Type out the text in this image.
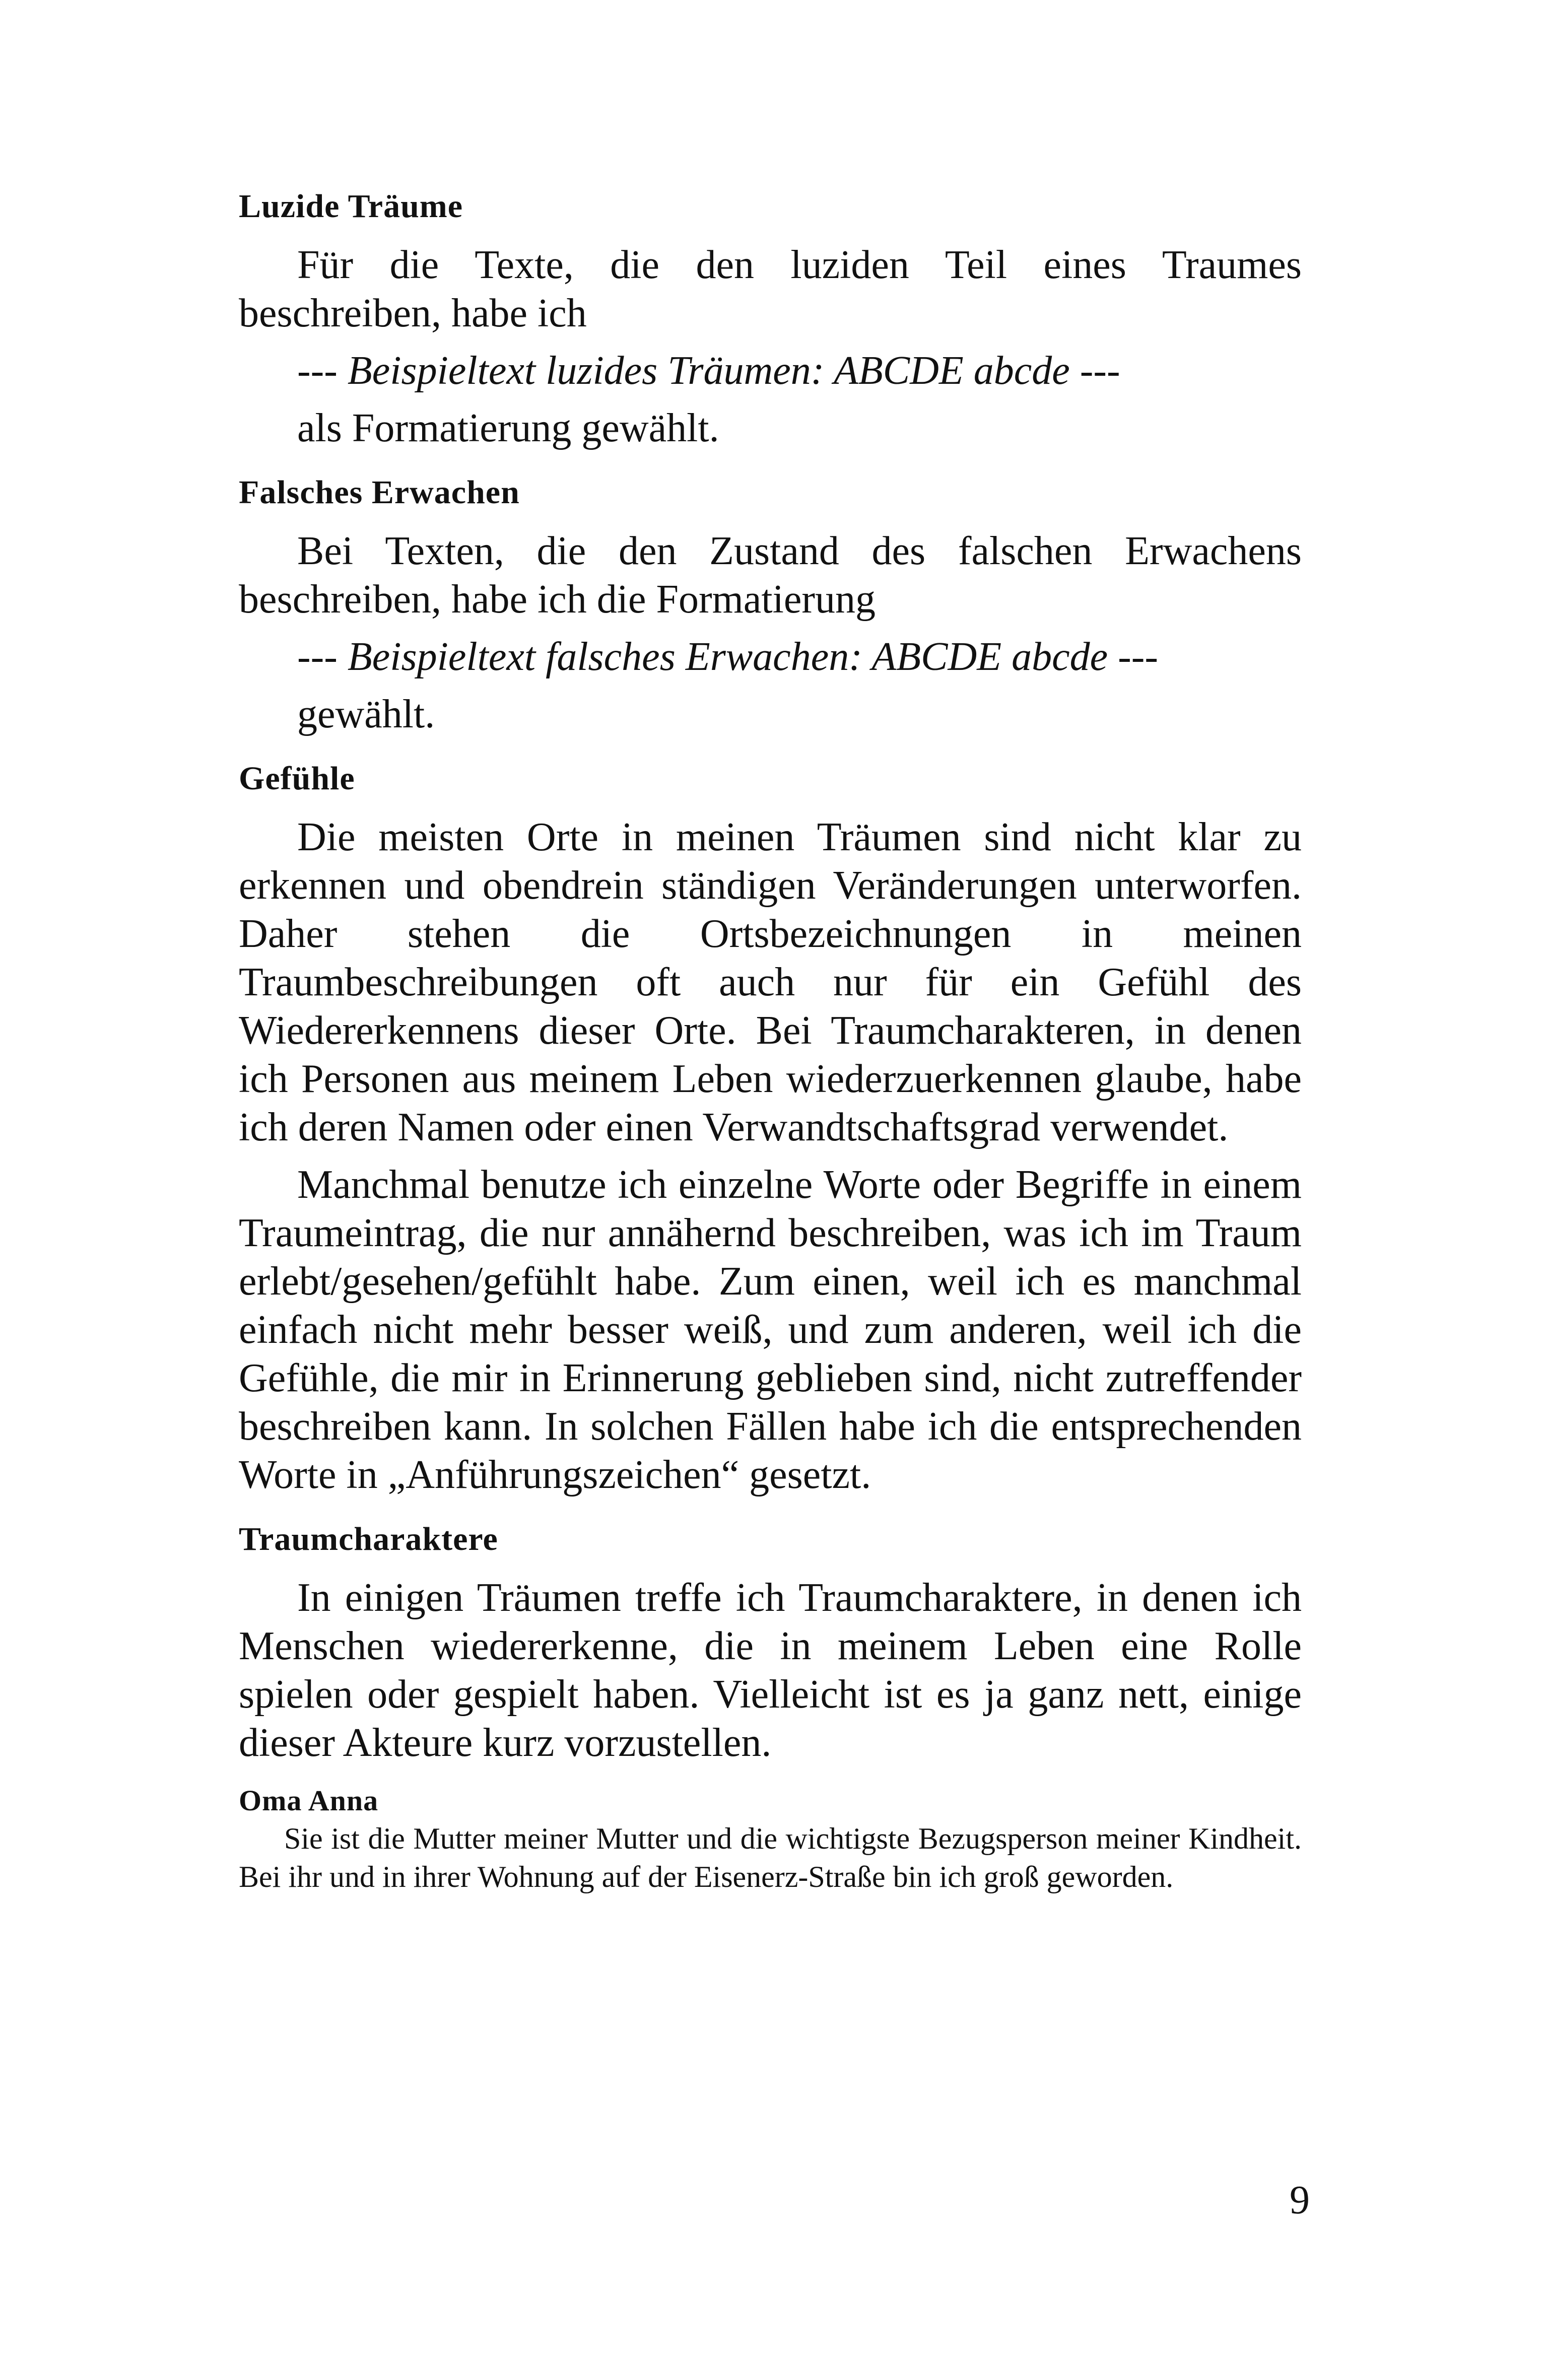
Luzide Träume

Für die Texte, die den luziden Teil eines Traumes beschreiben, habe ich

--- Beispieltext luzides Träumen: ABCDE abcde ---

als Formatierung gewählt.

Falsches Erwachen

Bei Texten, die den Zustand des falschen Erwachens beschreiben, habe ich die Formatierung

--- Beispieltext falsches Erwachen: ABCDE abcde ---

gewählt.

Gefühle

Die meisten Orte in meinen Träumen sind nicht klar zu erkennen und obendrein ständigen Veränderungen unterworfen. Daher stehen die Ortsbezeichnungen in meinen Traumbeschreibungen oft auch nur für ein Gefühl des Wiedererkennens dieser Orte. Bei Traumcharakteren, in denen ich Personen aus meinem Leben wiederzuerkennen glaube, habe ich deren Namen oder einen Verwandtschaftsgrad verwendet.

Manchmal benutze ich einzelne Worte oder Begriffe in einem Traumeintrag, die nur annähernd beschreiben, was ich im Traum erlebt/gesehen/gefühlt habe. Zum einen, weil ich es manchmal einfach nicht mehr besser weiß, und zum anderen, weil ich die Gefühle, die mir in Erinnerung geblieben sind, nicht zutreffender beschreiben kann. In solchen Fällen habe ich die entsprechenden Worte in „Anführungszeichen“ gesetzt.

Traumcharaktere

In einigen Träumen treffe ich Traumcharaktere, in denen ich Menschen wiedererkenne, die in meinem Leben eine Rolle spielen oder gespielt haben. Vielleicht ist es ja ganz nett, einige dieser Akteure kurz vorzustellen.

Oma Anna

Sie ist die Mutter meiner Mutter und die wichtigste Bezugsperson meiner Kindheit. Bei ihr und in ihrer Wohnung auf der Eisenerz-Straße bin ich groß geworden.

9
